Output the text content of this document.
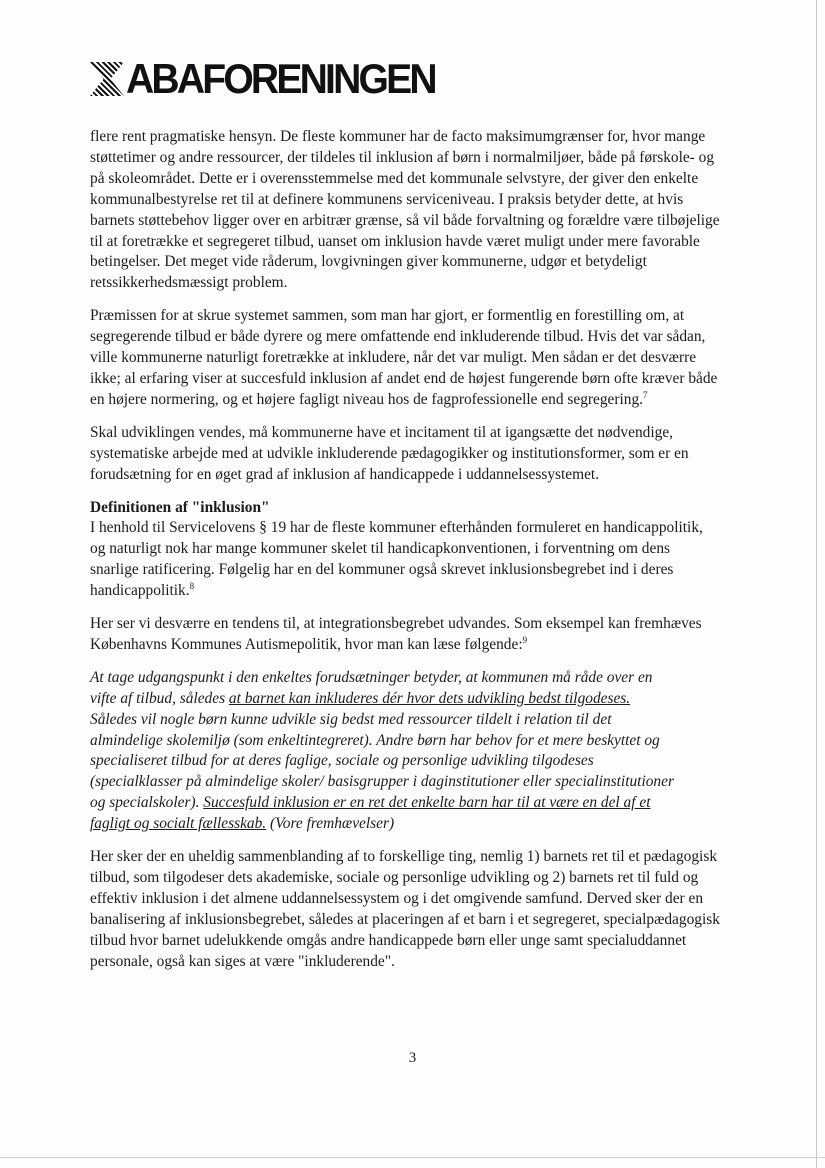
ABAFORENINGEN

flere rent pragmatiske hensyn. De fleste kommuner har de facto maksimumgrænser for, hvor mange støttetimer og andre ressourcer, der tildeles til inklusion af børn i normalmiljøer, både på førskole- og på skoleområdet. Dette er i overensstemmelse med det kommunale selvstyre, der giver den enkelte kommunalbestyrelse ret til at definere kommunens serviceniveau. I praksis betyder dette, at hvis barnets støttebehov ligger over en arbitrær grænse, så vil både forvaltning og forældre være tilbøjelige til at foretrække et segregeret tilbud, uanset om inklusion havde været muligt under mere favorable betingelser. Det meget vide råderum, lovgivningen giver kommunerne, udgør et betydeligt retssikkerhedsmæssigt problem.

Præmissen for at skrue systemet sammen, som man har gjort, er formentlig en forestilling om, at segregerende tilbud er både dyrere og mere omfattende end inkluderende tilbud. Hvis det var sådan, ville kommunerne naturligt foretrække at inkludere, når det var muligt. Men sådan er det desværre ikke; al erfaring viser at succesfuld inklusion af andet end de højest fungerende børn ofte kræver både en højere normering, og et højere fagligt niveau hos de fagprofessionelle end segregering.$^7$

Skal udviklingen vendes, må kommunerne have et incitament til at igangsætte det nødvendige, systematiske arbejde med at udvikle inkluderende pædagogikker og institutionsformer, som er en forudsætning for en øget grad af inklusion af handicappede i uddannelsessystemet.

Definitionen af "inklusion"

I henhold til Servicelovens § 19 har de fleste kommuner efterhånden formuleret en handicappolitik, og naturligt nok har mange kommuner skelet til handicapkonventionen, i forventning om dens snarlige ratificering. Følgelig har en del kommuner også skrevet inklusionsbegrebet ind i deres handicappolitik.$^8$

Her ser vi desværre en tendens til, at integrationsbegrebet udvandes. Som eksempel kan fremhæves Københavns Kommunes Autismepolitik, hvor man kan læse følgende:$^9$

At tage udgangspunkt i den enkeltes forudsætninger betyder, at kommunen må råde over en vifte af tilbud, således at barnet kan inkluderes dér hvor dets udvikling bedst tilgodeses. Således vil nogle børn kunne udvikle sig bedst med ressourcer tildelt i relation til det almindelige skolemiljø (som enkeltintegreret). Andre børn har behov for et mere beskyttet og specialiseret tilbud for at deres faglige, sociale og personlige udvikling tilgodeses (specialklasser på almindelige skoler/ basisgrupper i daginstitutioner eller specialinstitutioner og specialskoler). Succesfuld inklusion er en ret det enkelte barn har til at være en del af et fagligt og socialt fællesskab. (Vore fremhævelser)

Her sker der en uheldig sammenblanding af to forskellige ting, nemlig 1) barnets ret til et pædagogisk tilbud, som tilgodeser dets akademiske, sociale og personlige udvikling og 2) barnets ret til fuld og effektiv inklusion i det almene uddannelsessystem og i det omgivende samfund. Derved sker der en banalisering af inklusionsbegrebet, således at placeringen af et barn i et segregeret, specialpædagogisk tilbud hvor barnet udelukkende omgås andre handicappede børn eller unge samt specialuddannet personale, også kan siges at være "inkluderende".

3
